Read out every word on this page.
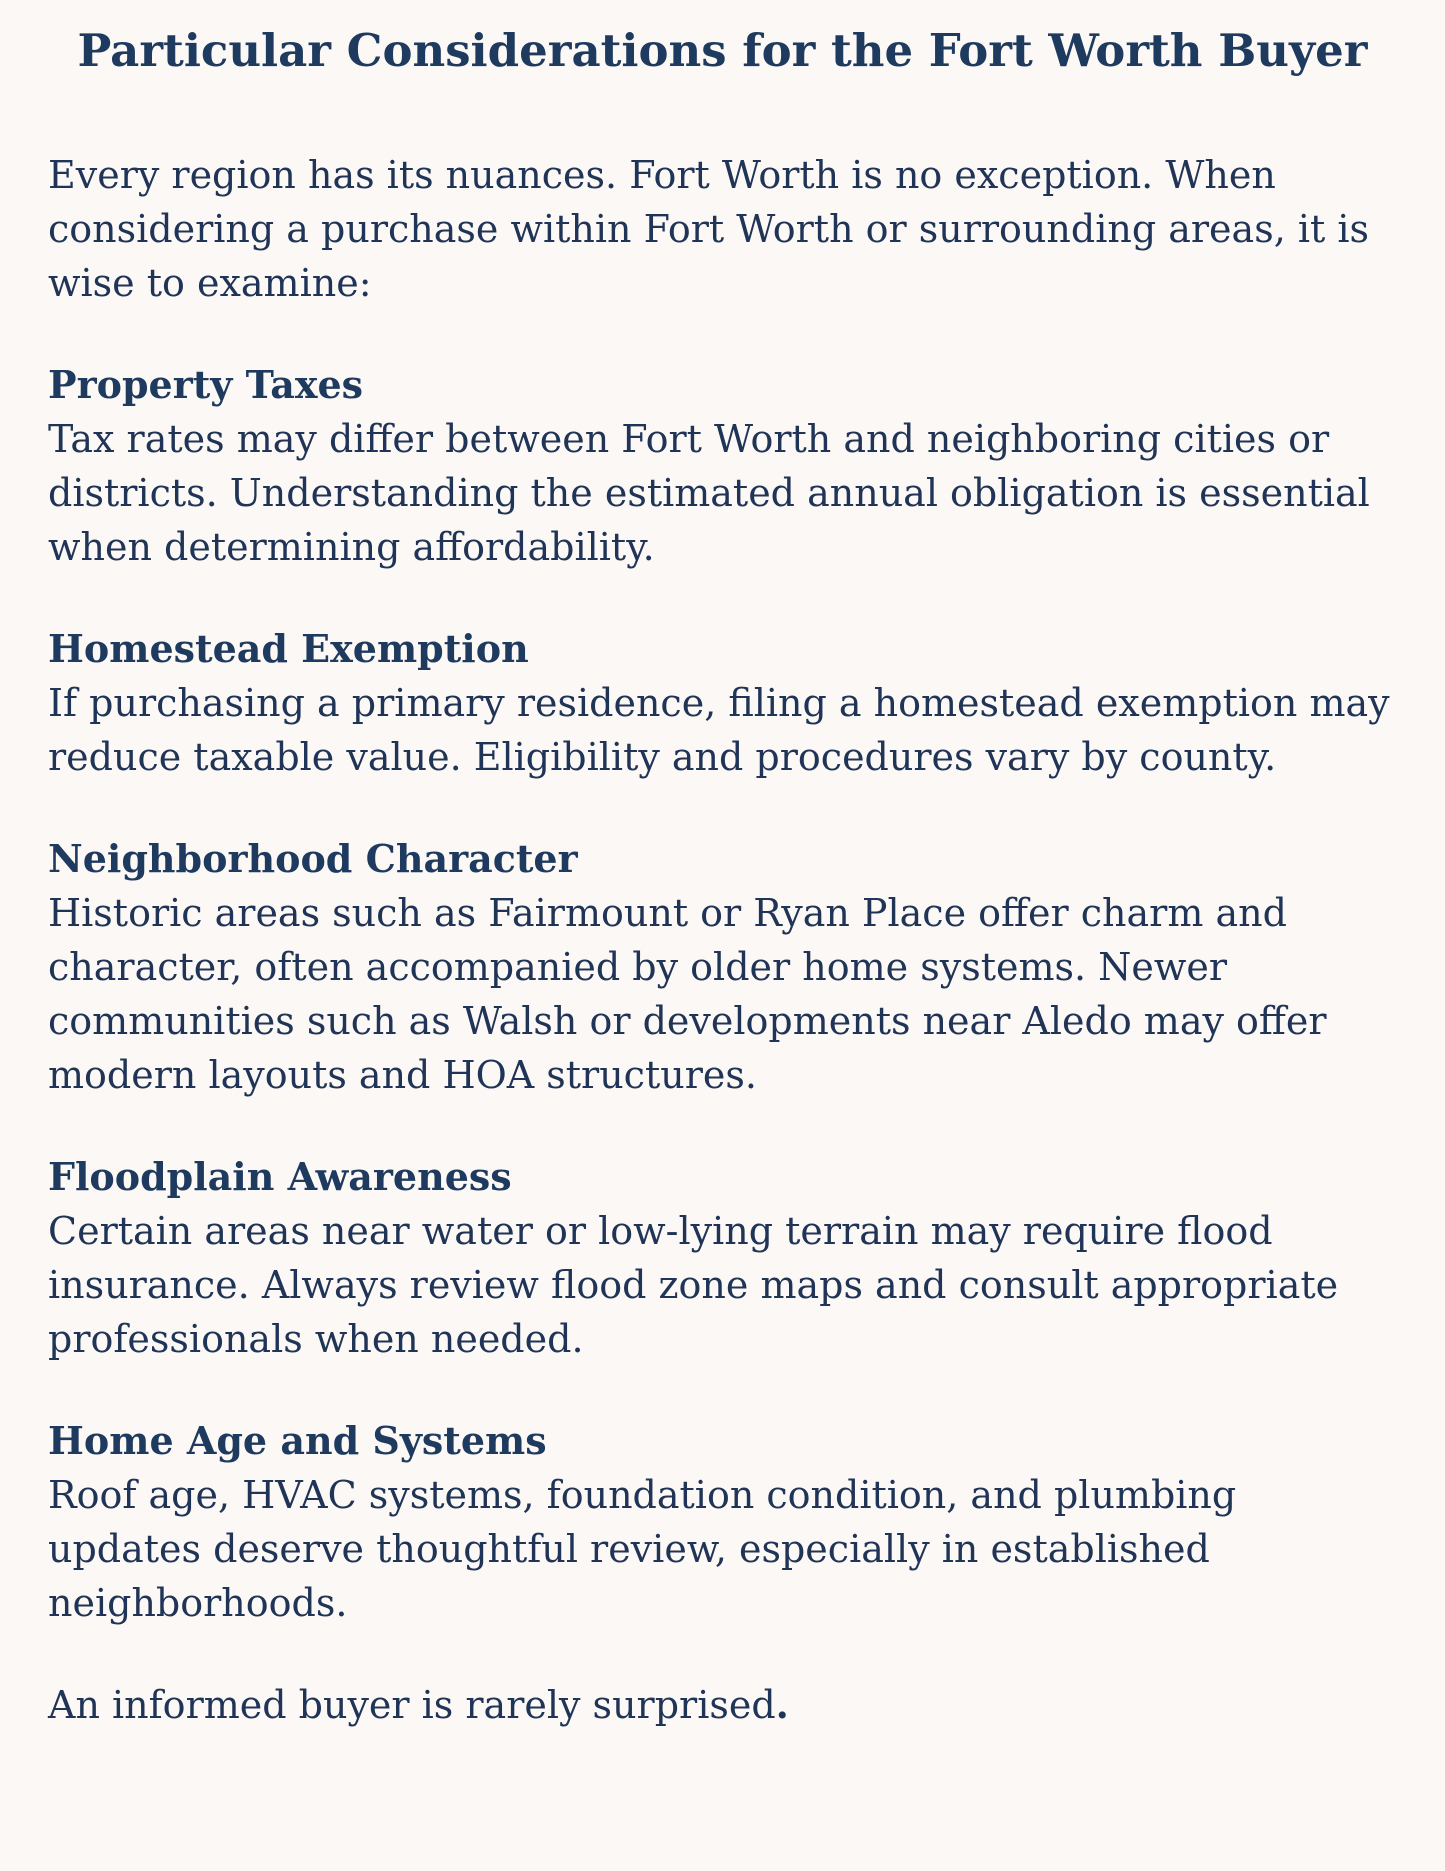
Particular Considerations for the Fort Worth Buyer

Every region has its nuances. Fort Worth is no exception. When considering a purchase within Fort Worth or surrounding areas, it is wise to examine:

Property Taxes

Tax rates may differ between Fort Worth and neighboring cities or districts. Understanding the estimated annual obligation is essential when determining affordability.

Homestead Exemption

If purchasing a primary residence, filing a homestead exemption may reduce taxable value. Eligibility and procedures vary by county.

Neighborhood Character

Historic areas such as Fairmount or Ryan Place offer charm and character, often accompanied by older home systems. Newer communities such as Walsh or developments near Aledo may offer modern layouts and HOA structures.

Floodplain Awareness

Certain areas near water or low-lying terrain may require flood insurance. Always review flood zone maps and consult appropriate professionals when needed.

Home Age and Systems

Roof age, HVAC systems, foundation condition, and plumbing updates deserve thoughtful review, especially in established neighborhoods.

An informed buyer is rarely surprised.
